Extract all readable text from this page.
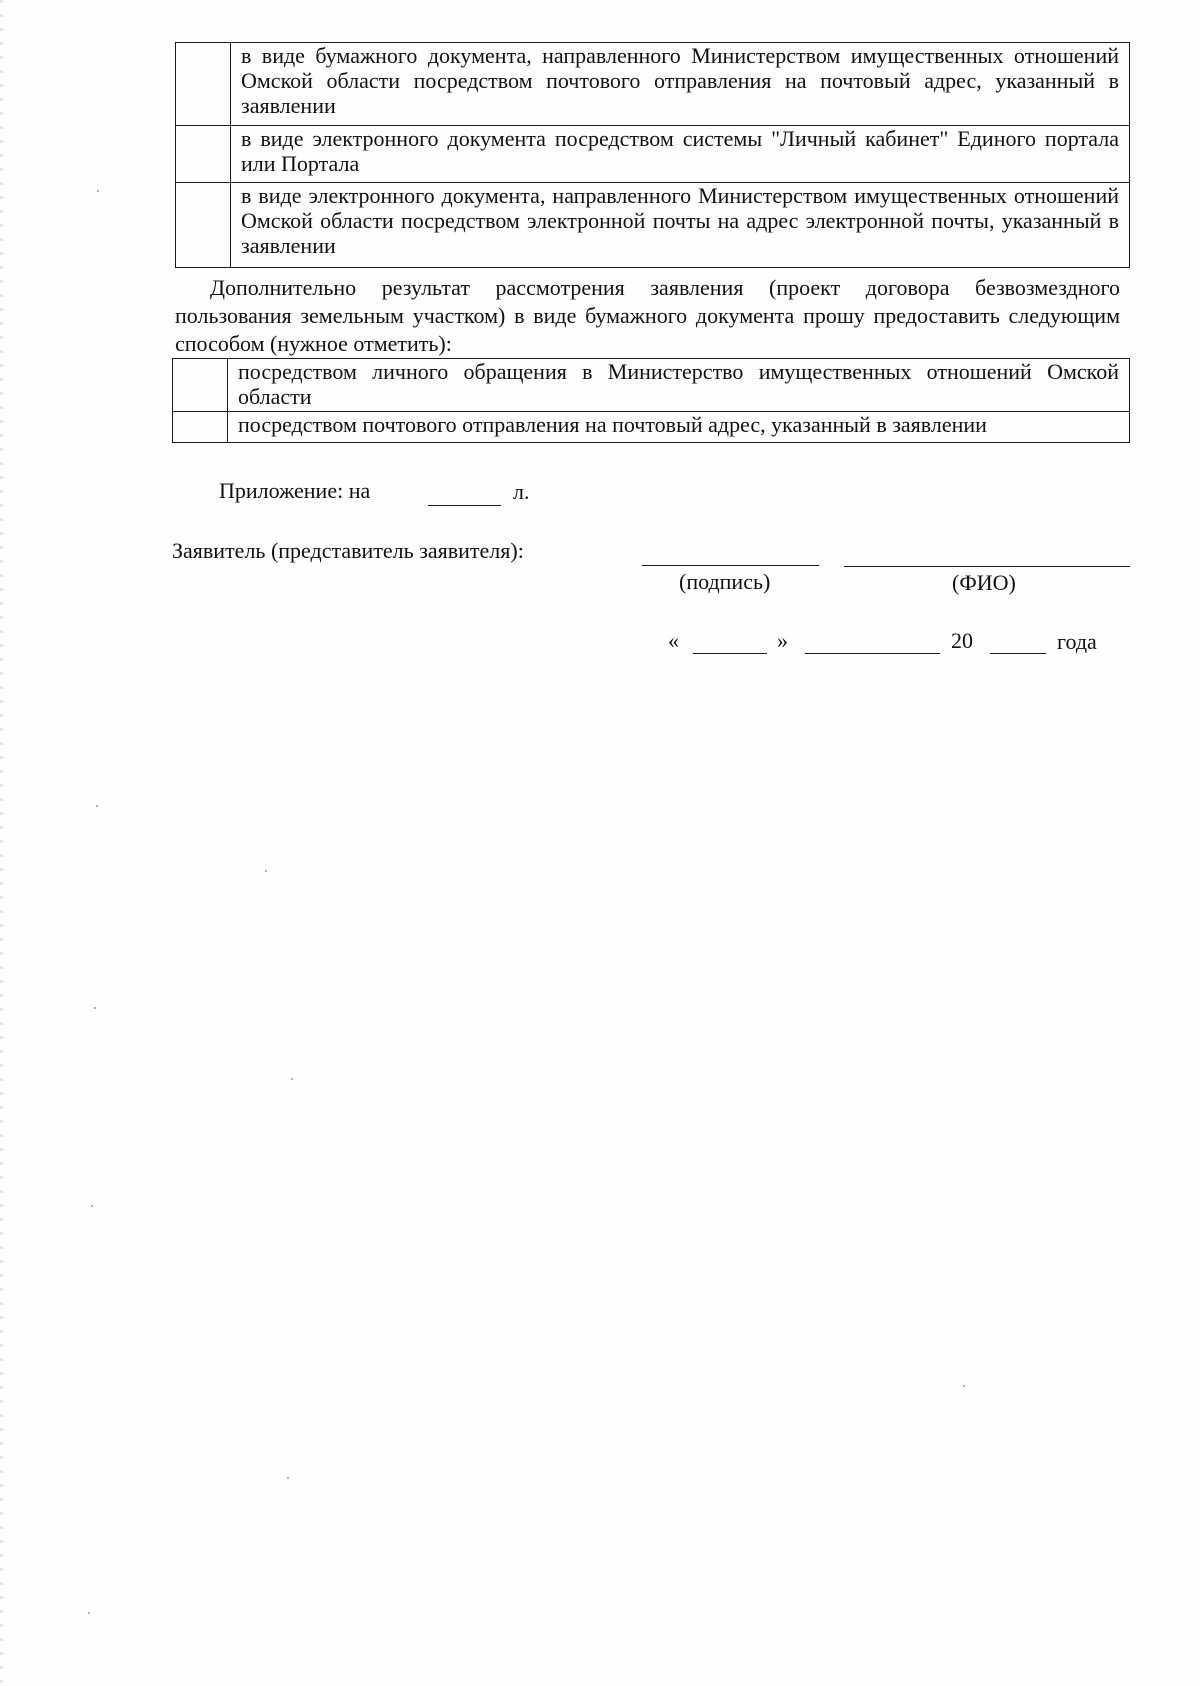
	в виде бумажного документа, направленного Министерством имущественных отношений Омской области посредством почтового отправления на почтовый адрес, указанный в заявлении
	в виде электронного документа посредством системы "Личный кабинет" Единого портала или Портала
	в виде электронного документа, направленного Министерством имущественных отношений Омской области посредством электронной почты на адрес электронной почты, указанный в заявлении
Дополнительно результат рассмотрения заявления (проект договора безвозмездного пользования земельным участком) в виде бумажного документа прошу предоставить следующим способом (нужное отметить):
	посредством личного обращения в Министерство имущественных отношений Омской области
	посредством почтового отправления на почтовый адрес, указанный в заявлении
Приложение: на	л.
Заявитель (представитель заявителя):
(подпись)	(ФИО)
«	»	20	года
